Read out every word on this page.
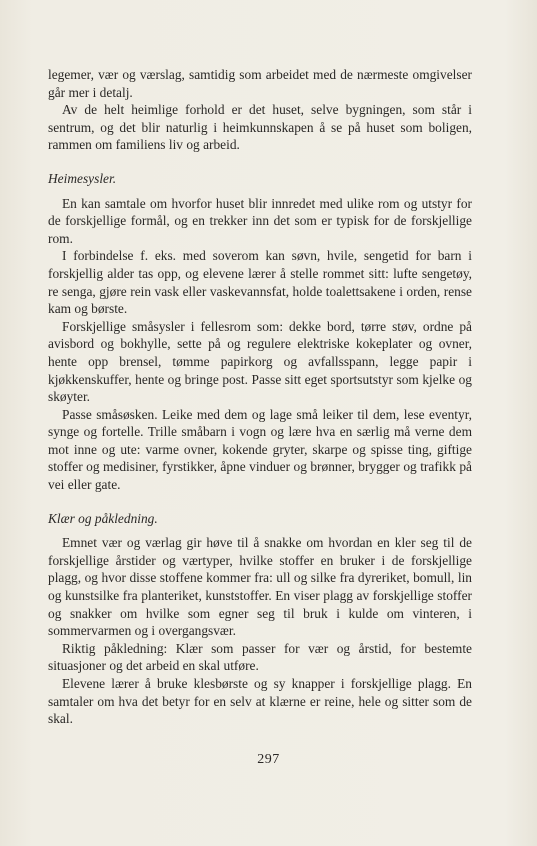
legemer, vær og værslag, samtidig som arbeidet med de nærmeste omgivelser går mer i detalj.

Av de helt heimlige forhold er det huset, selve bygningen, som står i sentrum, og det blir naturlig i heimkunnskapen å se på huset som boligen, rammen om familiens liv og arbeid.

Heimesysler.

En kan samtale om hvorfor huset blir innredet med ulike rom og utstyr for de forskjellige formål, og en trekker inn det som er typisk for de forskjellige rom.

I forbindelse f. eks. med soverom kan søvn, hvile, sengetid for barn i forskjellig alder tas opp, og elevene lærer å stelle rommet sitt: lufte sengetøy, re senga, gjøre rein vask eller vaskevannsfat, holde toalettsakene i orden, rense kam og børste.

Forskjellige småsysler i fellesrom som: dekke bord, tørre støv, ordne på avisbord og bokhylle, sette på og regulere elektriske kokeplater og ovner, hente opp brensel, tømme papirkorg og avfallsspann, legge papir i kjøkkenskuffer, hente og bringe post. Passe sitt eget sportsutstyr som kjelke og skøyter.

Passe småsøsken. Leike med dem og lage små leiker til dem, lese eventyr, synge og fortelle. Trille småbarn i vogn og lære hva en særlig må verne dem mot inne og ute: varme ovner, kokende gryter, skarpe og spisse ting, giftige stoffer og medisiner, fyrstikker, åpne vinduer og brønner, brygger og trafikk på vei eller gate.

Klær og påkledning.

Emnet vær og værlag gir høve til å snakke om hvordan en kler seg til de forskjellige årstider og værtyper, hvilke stoffer en bruker i de forskjellige plagg, og hvor disse stoffene kommer fra: ull og silke fra dyreriket, bomull, lin og kunstsilke fra planteriket, kunststoffer. En viser plagg av forskjellige stoffer og snakker om hvilke som egner seg til bruk i kulde om vinteren, i sommervarmen og i overgangsvær.

Riktig påkledning: Klær som passer for vær og årstid, for bestemte situasjoner og det arbeid en skal utføre.

Elevene lærer å bruke klesbørste og sy knapper i forskjellige plagg. En samtaler om hva det betyr for en selv at klærne er reine, hele og sitter som de skal.

297
